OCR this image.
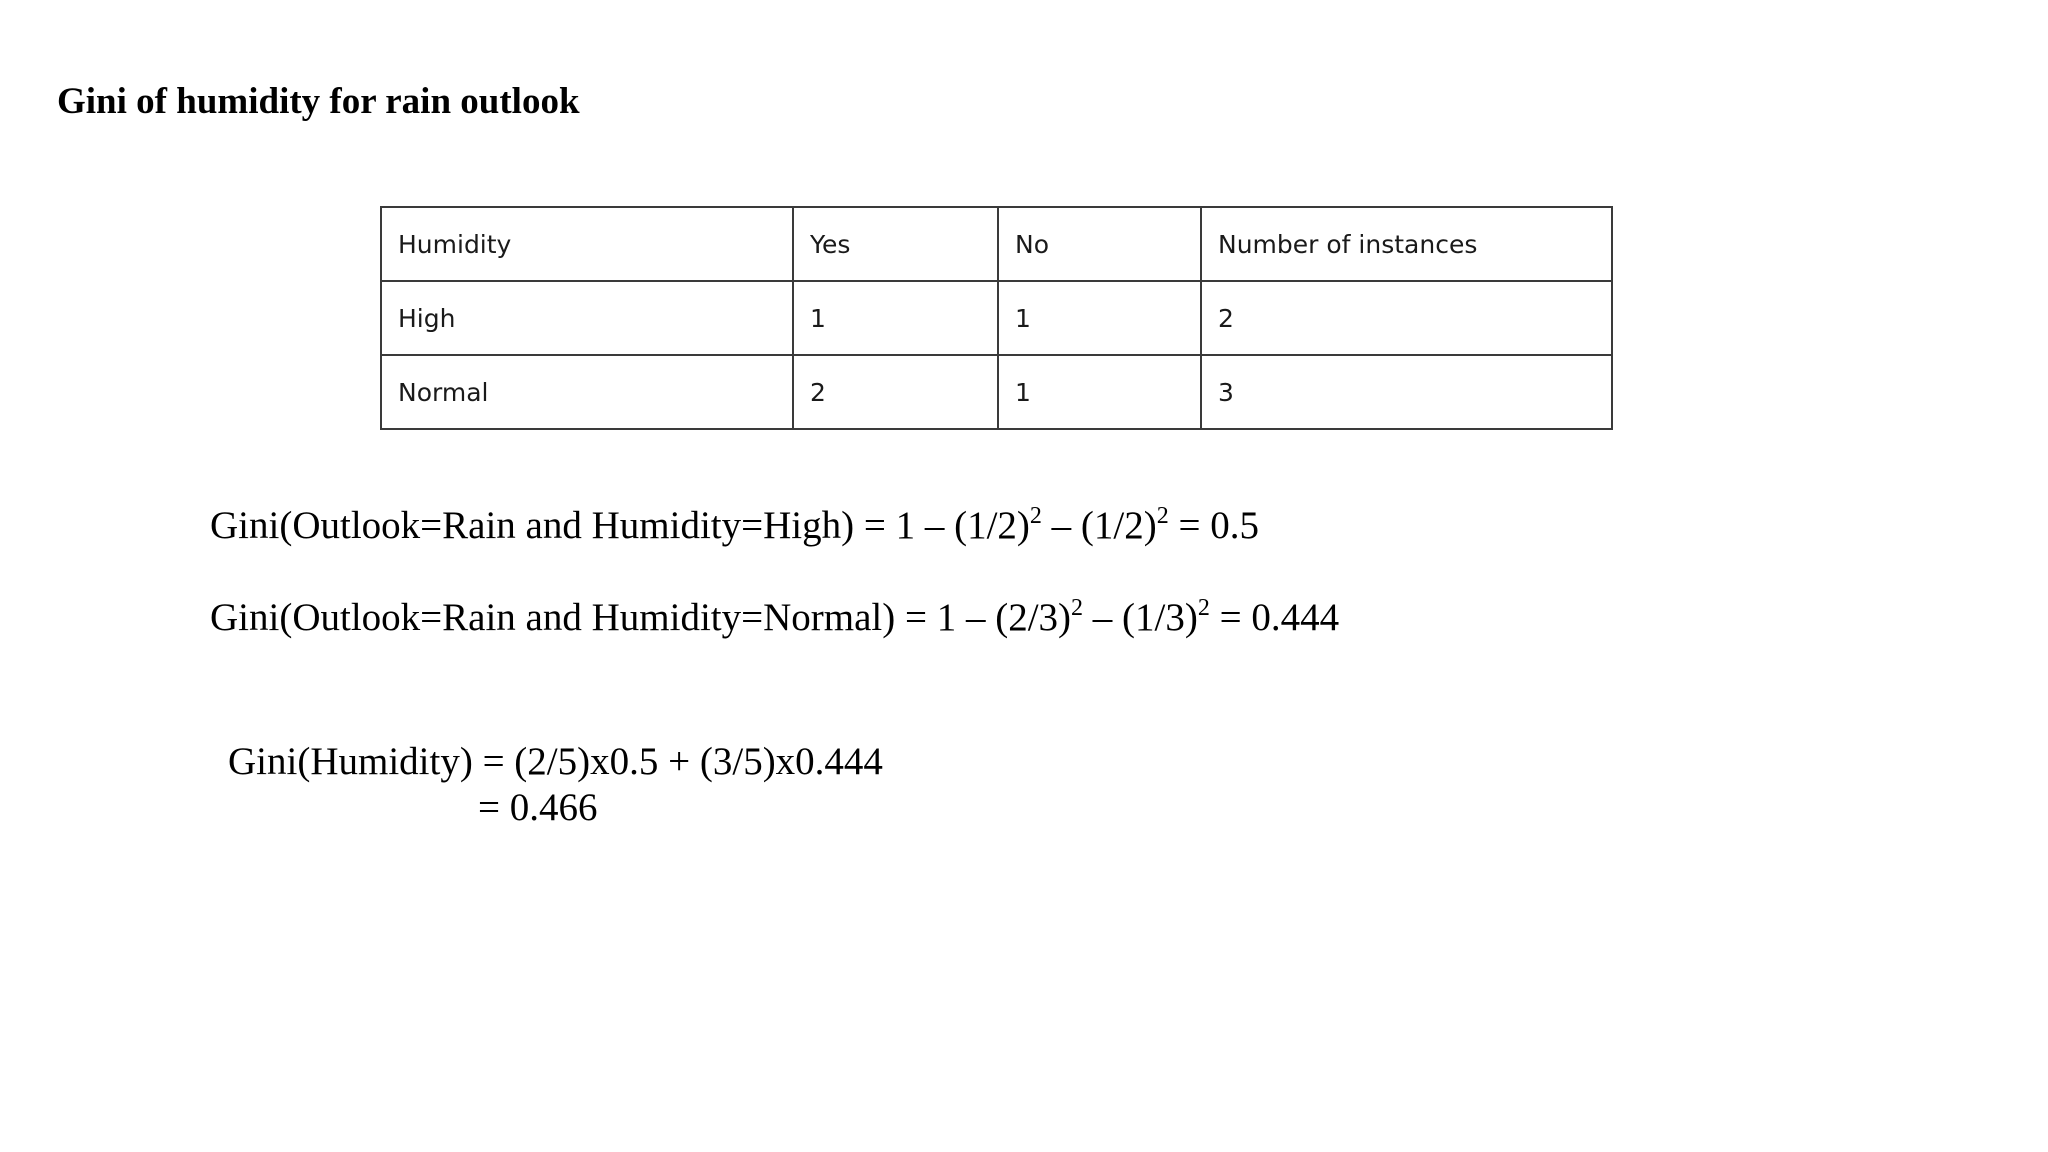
Gini of humidity for rain outlook
Humidity	Yes	No	Number of instances
High	1	1	2
Normal	2	1	3
Gini(Outlook=Rain and Humidity=High) = $1 - (1/2)^2 - (1/2)^2 = 0.5$
Gini(Outlook=Rain and Humidity=Normal) = $1 - (2/3)^2 - (1/3)^2 = 0.444$
Gini(Humidity) = (2/5)x0.5 + (3/5)x0.444
= 0.466
